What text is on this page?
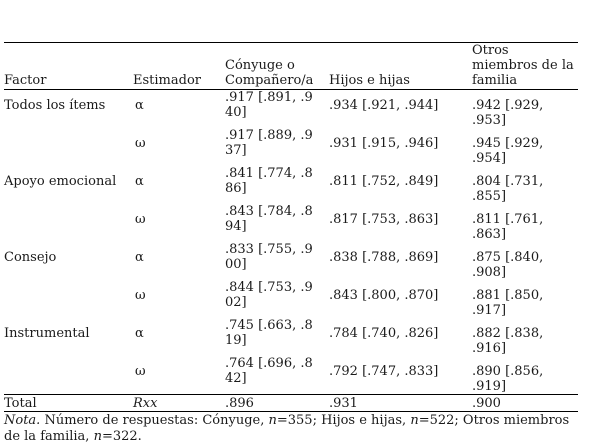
Factor	Estimador	Cónyuge o Compañero/a	Hijos e hijas	Otros miembros de la familia
Todos los ítems	α	.917 [.891, .940]	.934 [.921, .944]	.942 [.929, .953]
	ω	.917 [.889, .937]	.931 [.915, .946]	.945 [.929, .954]
Apoyo emocional	α	.841 [.774, .886]	.811 [.752, .849]	.804 [.731, .855]
	ω	.843 [.784, .894]	.817 [.753, .863]	.811 [.761, .863]
Consejo	α	.833 [.755, .900]	.838 [.788, .869]	.875 [.840, .908]
	ω	.844 [.753, .902]	.843 [.800, .870]	.881 [.850, .917]
Instrumental	α	.745 [.663, .819]	.784 [.740, .826]	.882 [.838, .916]
	ω	.764 [.696, .842]	.792 [.747, .833]	.890 [.856, .919]
Total	Rxx	.896	.931	.900
Nota. Número de respuestas: Cónyuge, n=355; Hijos e hijas, n=522; Otros miembros de la familia, n=322.
